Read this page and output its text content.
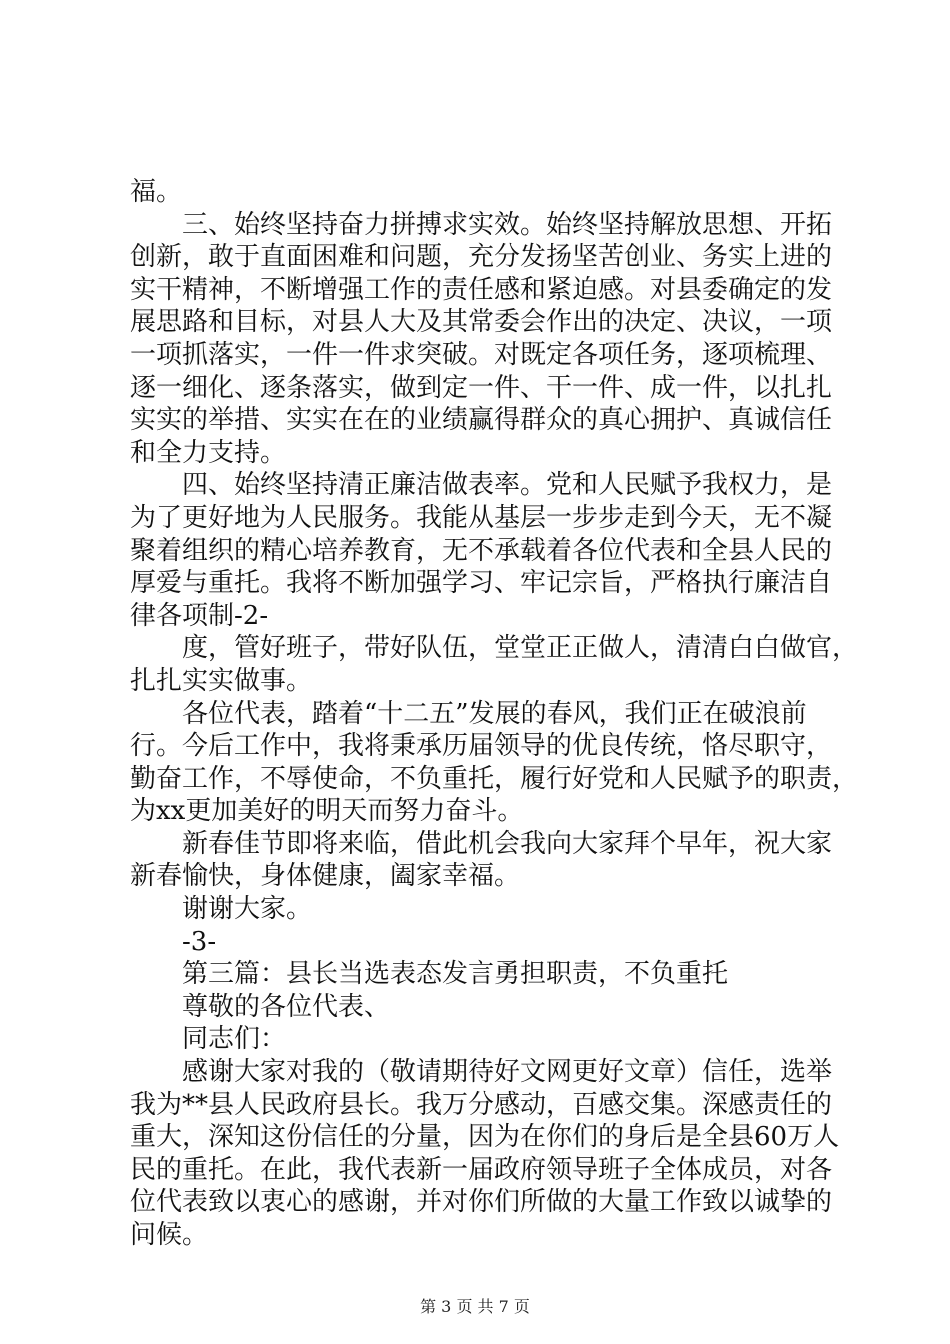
福。
三、始终坚持奋力拼搏求实效。始终坚持解放思想、开拓
创新，敢于直面困难和问题，充分发扬坚苦创业、务实上进的
实干精神，不断增强工作的责任感和紧迫感。对县委确定的发
展思路和目标，对县人大及其常委会作出的决定、决议，一项
一项抓落实，一件一件求突破。对既定各项任务，逐项梳理、
逐一细化、逐条落实，做到定一件、干一件、成一件，以扎扎
实实的举措、实实在在的业绩赢得群众的真心拥护、真诚信任
和全力支持。
四、始终坚持清正廉洁做表率。党和人民赋予我权力，是
为了更好地为人民服务。我能从基层一步步走到今天，无不凝
聚着组织的精心培养教育，无不承载着各位代表和全县人民的
厚爱与重托。我将不断加强学习、牢记宗旨，严格执行廉洁自
律各项制-2-
度，管好班子，带好队伍，堂堂正正做人，清清白白做官，
扎扎实实做事。
各位代表，踏着“十二五”发展的春风，我们正在破浪前
行。今后工作中，我将秉承历届领导的优良传统，恪尽职守，
勤奋工作，不辱使命，不负重托，履行好党和人民赋予的职责，
为xx更加美好的明天而努力奋斗。
新春佳节即将来临，借此机会我向大家拜个早年，祝大家
新春愉快，身体健康，阖家幸福。
谢谢大家。
-3-
第三篇：县长当选表态发言勇担职责，不负重托
尊敬的各位代表、
同志们：
感谢大家对我的（敬请期待好文网更好文章）信任，选举
我为**县人民政府县长。我万分感动，百感交集。深感责任的
重大，深知这份信任的分量，因为在你们的身后是全县60万人
民的重托。在此，我代表新一届政府领导班子全体成员，对各
位代表致以衷心的感谢，并对你们所做的大量工作致以诚挚的
问候。
第 3 页 共 7 页
